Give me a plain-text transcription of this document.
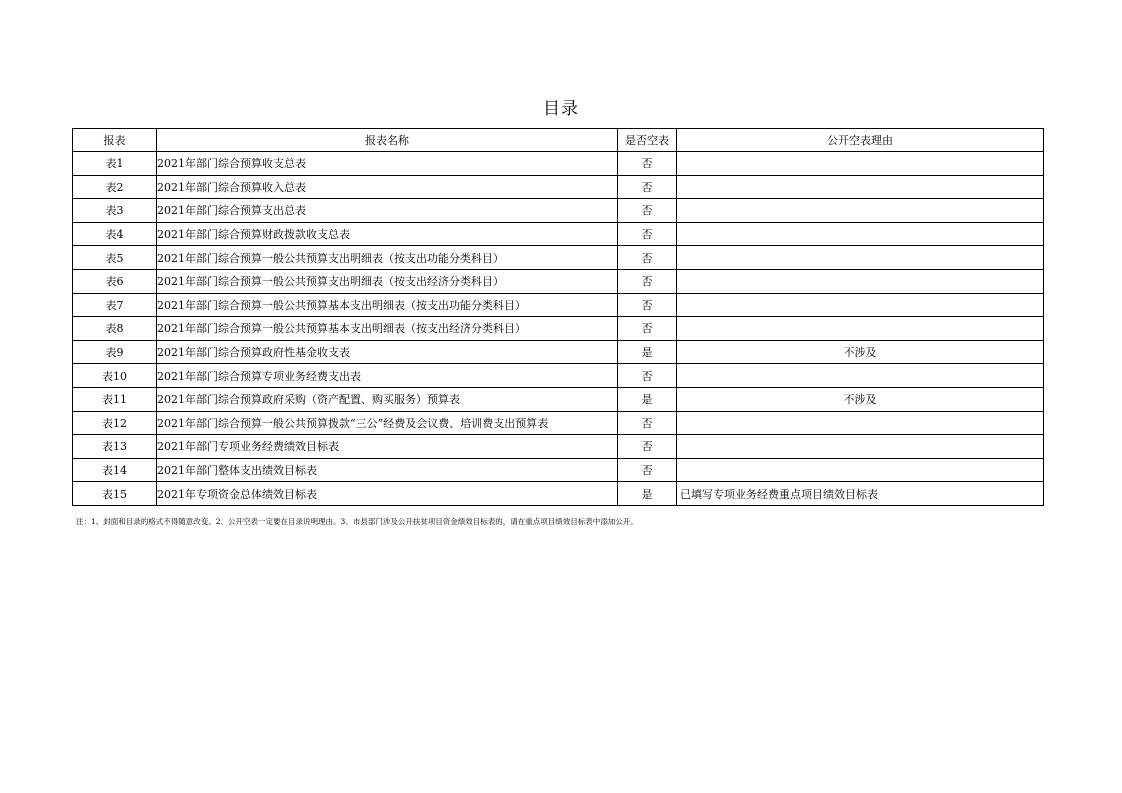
目录
报表	报表名称	是否空表	公开空表理由
表1	2021年部门综合预算收支总表	否	
表2	2021年部门综合预算收入总表	否	
表3	2021年部门综合预算支出总表	否	
表4	2021年部门综合预算财政拨款收支总表	否	
表5	2021年部门综合预算一般公共预算支出明细表（按支出功能分类科目）	否	
表6	2021年部门综合预算一般公共预算支出明细表（按支出经济分类科目）	否	
表7	2021年部门综合预算一般公共预算基本支出明细表（按支出功能分类科目）	否	
表8	2021年部门综合预算一般公共预算基本支出明细表（按支出经济分类科目）	否	
表9	2021年部门综合预算政府性基金收支表	是	不涉及
表10	2021年部门综合预算专项业务经费支出表	否	
表11	2021年部门综合预算政府采购（资产配置、购买服务）预算表	是	不涉及
表12	2021年部门综合预算一般公共预算拨款“三公”经费及会议费、培训费支出预算表	否	
表13	2021年部门专项业务经费绩效目标表	否	
表14	2021年部门整体支出绩效目标表	否	
表15	2021年专项资金总体绩效目标表	是	已填写专项业务经费重点项目绩效目标表
注：1、封面和目录的格式不得随意改变。2、公开空表一定要在目录说明理由。3、市县部门涉及公开扶贫项目资金绩效目标表的，请在重点项目绩效目标表中添加公开。
